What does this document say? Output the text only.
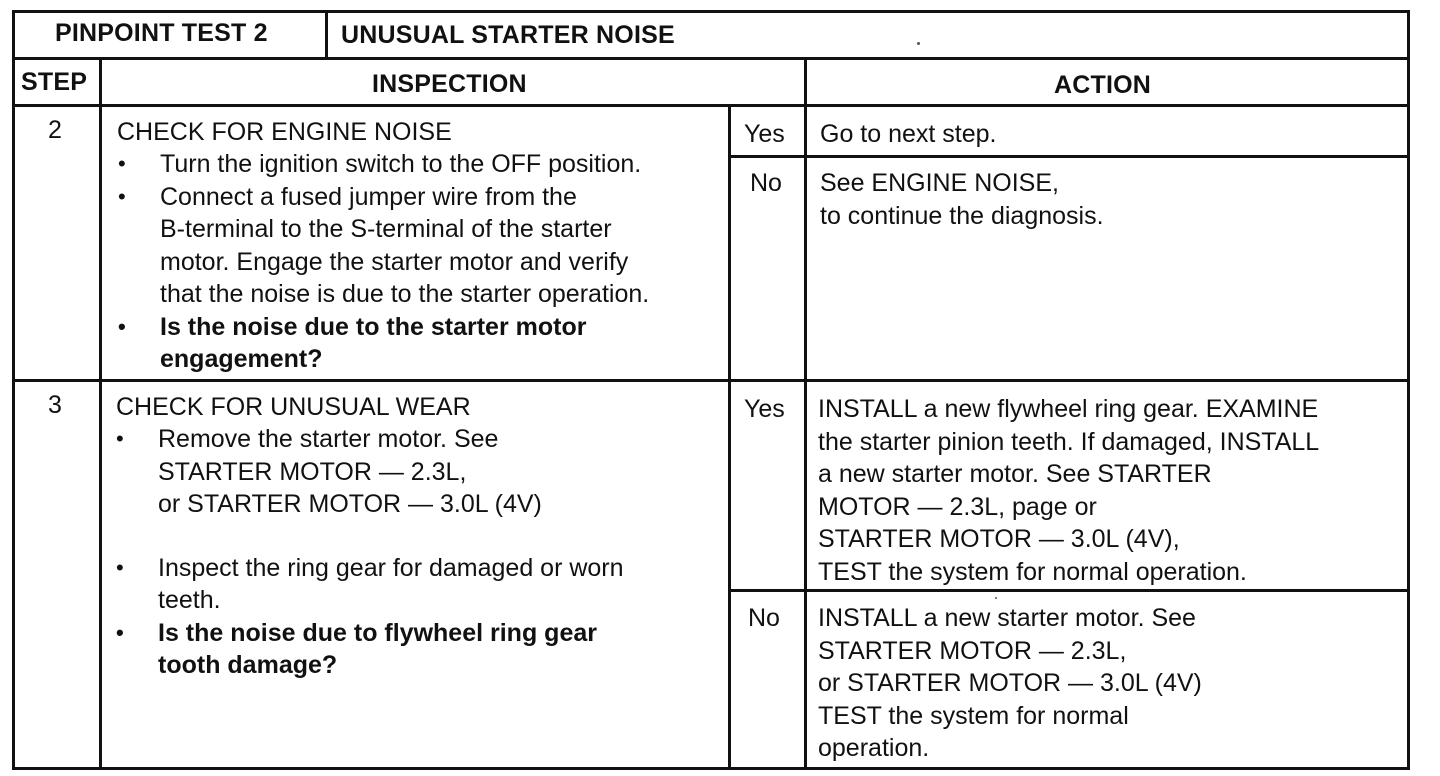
PINPOINT TEST 2	UNUSUAL STARTER NOISE
STEP	INSPECTION	ACTION
2 CHECK FOR ENGINE NOISE
• Turn the ignition switch to the OFF position.
• Connect a fused jumper wire from the
B-terminal to the S-terminal of the starter
motor. Engage the starter motor and verify
that the noise is due to the starter operation.
• Is the noise due to the starter motor
engagement?
Yes Go to next step.
No See ENGINE NOISE,
to continue the diagnosis.
3 CHECK FOR UNUSUAL WEAR
• Remove the starter motor. See
STARTER MOTOR — 2.3L,
or STARTER MOTOR — 3.0L (4V)
• Inspect the ring gear for damaged or worn
teeth.
• Is the noise due to flywheel ring gear
tooth damage?
Yes INSTALL a new flywheel ring gear. EXAMINE
the starter pinion teeth. If damaged, INSTALL
a new starter motor. See STARTER
MOTOR — 2.3L, page or
STARTER MOTOR — 3.0L (4V),
TEST the system for normal operation.
No INSTALL a new starter motor. See
STARTER MOTOR — 2.3L,
or STARTER MOTOR — 3.0L (4V)
TEST the system for normal
operation.
